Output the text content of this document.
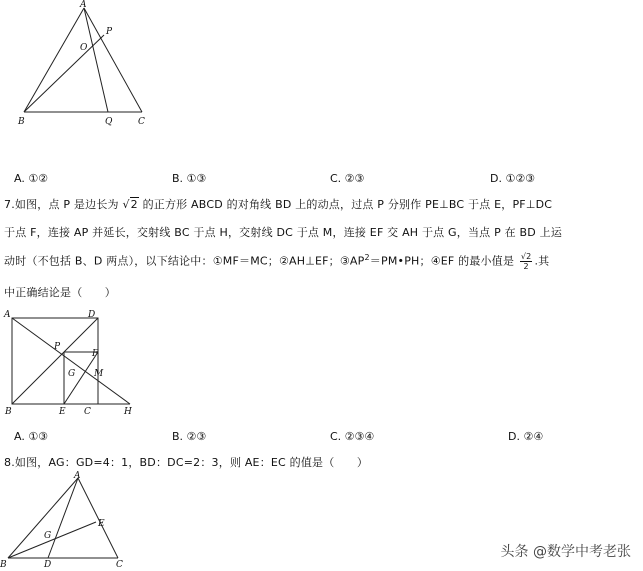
A
O
P
B	Q	C
A. ①②	B. ①③	C. ②③	D. ①②③
7.如图，点 P 是边长为 √2 的正方形 ABCD 的对角线 BD 上的动点，过点 P 分别作 PE⊥BC 于点 E，PF⊥DC
于点 F，连接 AP 并延长，交射线 BC 于点 H，交射线 DC 于点 M，连接 EF 交 AH 于点 G，当点 P 在 BD 上运
动时（不包括 B、D 两点），以下结论中：①MF＝MC；②AH⊥EF；$③AP^2=PM•PH$；④EF 的最小值是 $\frac{√2}{2}$ .其
中正确结论是（　　）
A	D
P
F
G M
B	E C	H
A. ①③	B. ②③	C. ②③④	D. ②④
8.如图，AG：GD=4：1，BD：DC=2：3，则 AE：EC 的值是（　　）
A
E
G
B	D	C
头条 @数学中考老张
